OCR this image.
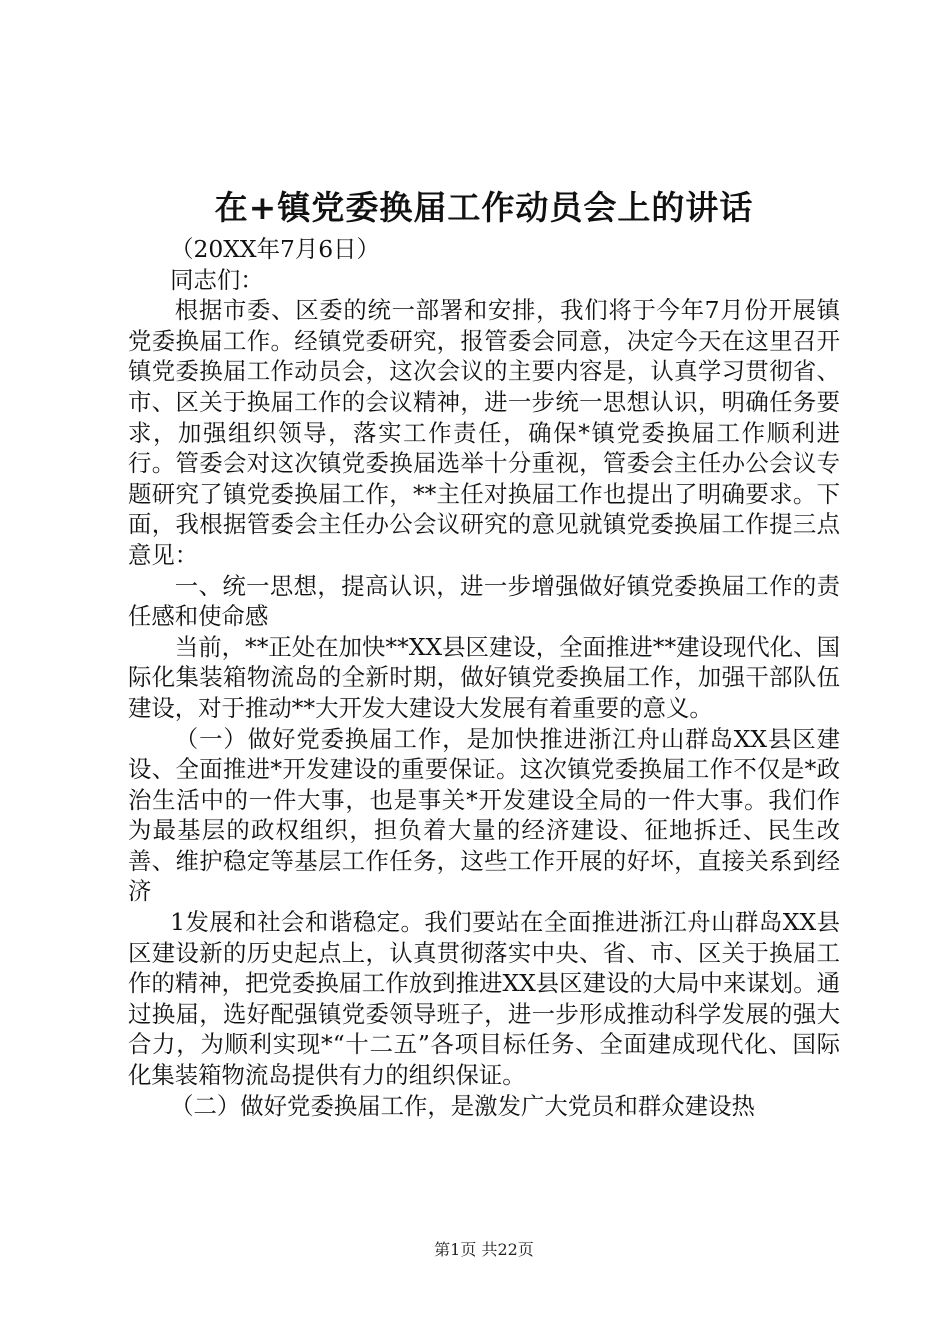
在+镇党委换届工作动员会上的讲话

（20XX年7月6日）

同志们：

根据市委、区委的统一部署和安排，我们将于今年7月份开展镇党委换届工作。经镇党委研究，报管委会同意，决定今天在这里召开镇党委换届工作动员会，这次会议的主要内容是，认真学习贯彻省、市、区关于换届工作的会议精神，进一步统一思想认识，明确任务要求，加强组织领导，落实工作责任，确保*镇党委换届工作顺利进行。管委会对这次镇党委换届选举十分重视，管委会主任办公会议专题研究了镇党委换届工作，**主任对换届工作也提出了明确要求。下面，我根据管委会主任办公会议研究的意见就镇党委换届工作提三点意见：

一、统一思想，提高认识，进一步增强做好镇党委换届工作的责任感和使命感

当前，**正处在加快**XX县区建设，全面推进**建设现代化、国际化集装箱物流岛的全新时期，做好镇党委换届工作，加强干部队伍建设，对于推动**大开发大建设大发展有着重要的意义。

（一）做好党委换届工作，是加快推进浙江舟山群岛XX县区建设、全面推进*开发建设的重要保证。这次镇党委换届工作不仅是*政治生活中的一件大事，也是事关*开发建设全局的一件大事。我们作为最基层的政权组织，担负着大量的经济建设、征地拆迁、民生改善、维护稳定等基层工作任务，这些工作开展的好坏，直接关系到经济

1发展和社会和谐稳定。我们要站在全面推进浙江舟山群岛XX县区建设新的历史起点上，认真贯彻落实中央、省、市、区关于换届工作的精神，把党委换届工作放到推进XX县区建设的大局中来谋划。通过换届，选好配强镇党委领导班子，进一步形成推动科学发展的强大合力，为顺利实现*“十二五”各项目标任务、全面建成现代化、国际化集装箱物流岛提供有力的组织保证。

（二）做好党委换届工作，是激发广大党员和群众建设热

第1页 共22页
